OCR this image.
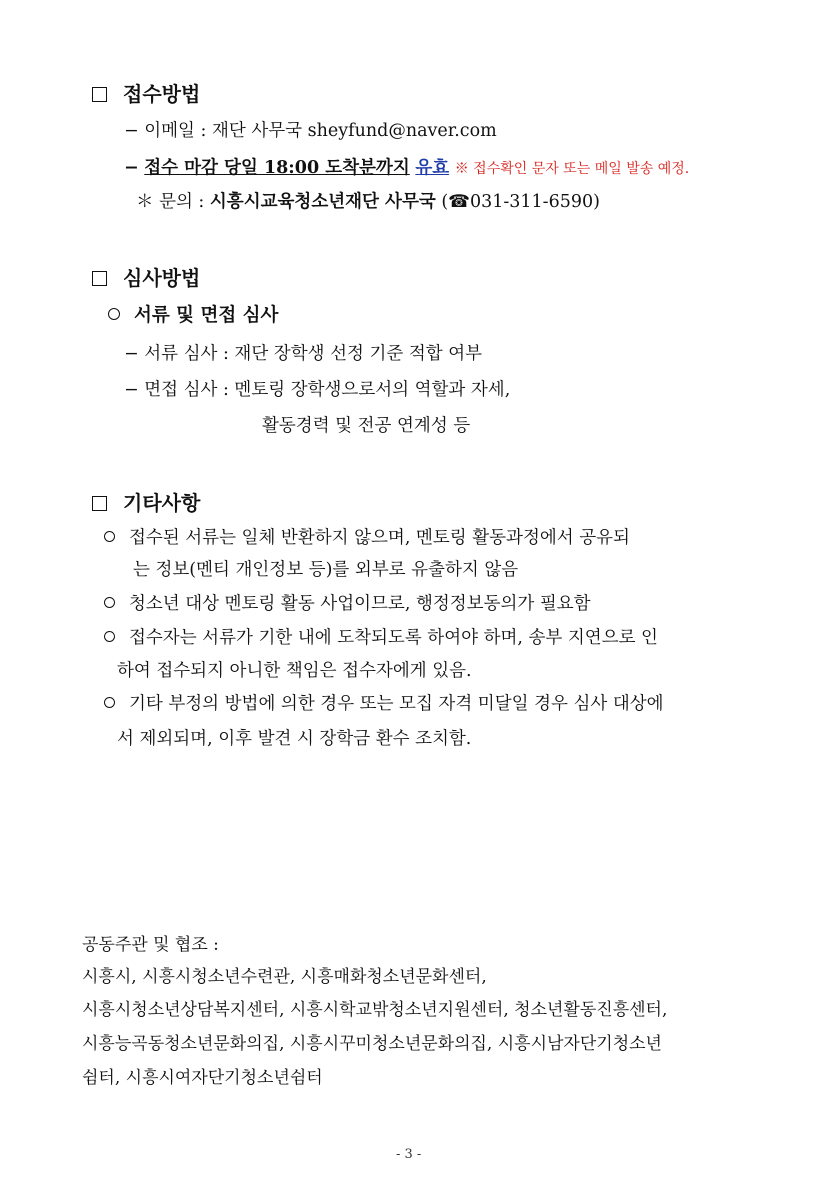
접수방법
− 이메일 : 재단 사무국 sheyfund@naver.com
− 접수 마감 당일 18:00 도착분까지 유효 ※ 접수확인 문자 또는 메일 발송 예정.
＊ 문의 : 시흥시교육청소년재단 사무국 (☎031-311-6590)
심사방법
서류 및 면접 심사
− 서류 심사 : 재단 장학생 선정 기준 적합 여부
− 면접 심사 : 멘토링 장학생으로서의 역할과 자세,
활동경력 및 전공 연계성 등
기타사항
접수된 서류는 일체 반환하지 않으며, 멘토링 활동과정에서 공유되
는 정보(멘티 개인정보 등)를 외부로 유출하지 않음
청소년 대상 멘토링 활동 사업이므로, 행정정보동의가 필요함
접수자는 서류가 기한 내에 도착되도록 하여야 하며, 송부 지연으로 인
하여 접수되지 아니한 책임은 접수자에게 있음.
기타 부정의 방법에 의한 경우 또는 모집 자격 미달일 경우 심사 대상에
서 제외되며, 이후 발견 시 장학금 환수 조치함.
공동주관 및 협조 :
시흥시, 시흥시청소년수련관, 시흥매화청소년문화센터,
시흥시청소년상담복지센터, 시흥시학교밖청소년지원센터, 청소년활동진흥센터,
시흥능곡동청소년문화의집, 시흥시꾸미청소년문화의집, 시흥시남자단기청소년
쉼터, 시흥시여자단기청소년쉼터
- 3 -
